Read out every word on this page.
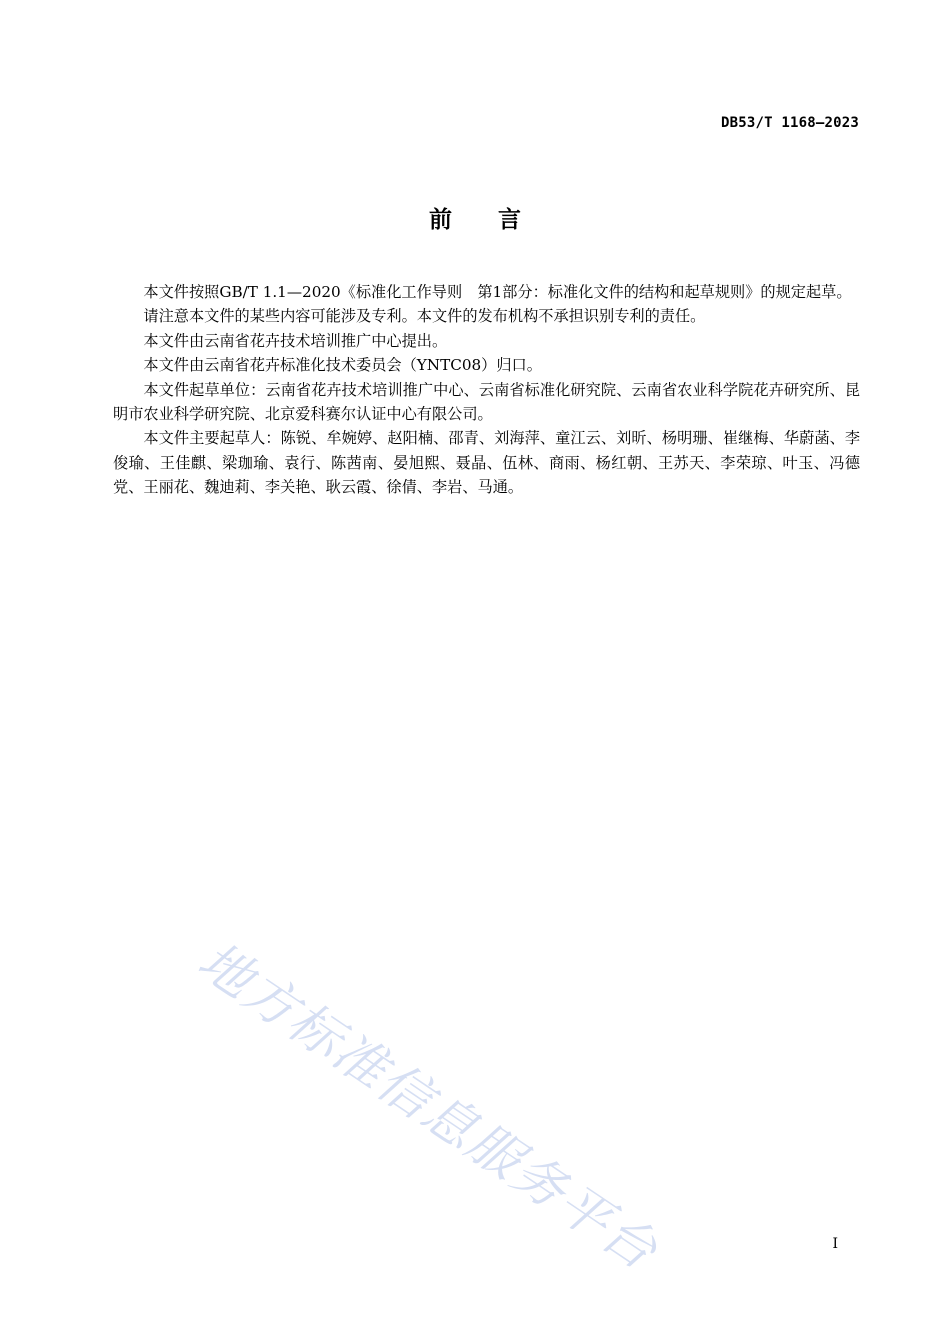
DB53/T 1168—2023
前 言

本文件按照GB/T 1.1—2020《标准化工作导则　第1部分：标准化文件的结构和起草规则》的规定起草。

请注意本文件的某些内容可能涉及专利。本文件的发布机构不承担识别专利的责任。

本文件由云南省花卉技术培训推广中心提出。

本文件由云南省花卉标准化技术委员会（YNTC08）归口。

本文件起草单位：云南省花卉技术培训推广中心、云南省标准化研究院、云南省农业科学院花卉研究所、昆明市农业科学研究院、北京爱科赛尔认证中心有限公司。

本文件主要起草人：陈锐、牟婉婷、赵阳楠、邵青、刘海萍、童江云、刘昕、杨明珊、崔继梅、华蔚菡、李俊瑜、王佳麒、梁珈瑜、袁行、陈茜南、晏旭熙、聂晶、伍林、商雨、杨红朝、王苏天、李荣琼、叶玉、冯德党、王丽花、魏迪莉、李关艳、耿云霞、徐倩、李岩、马通。

地方标准信息服务平台	I
